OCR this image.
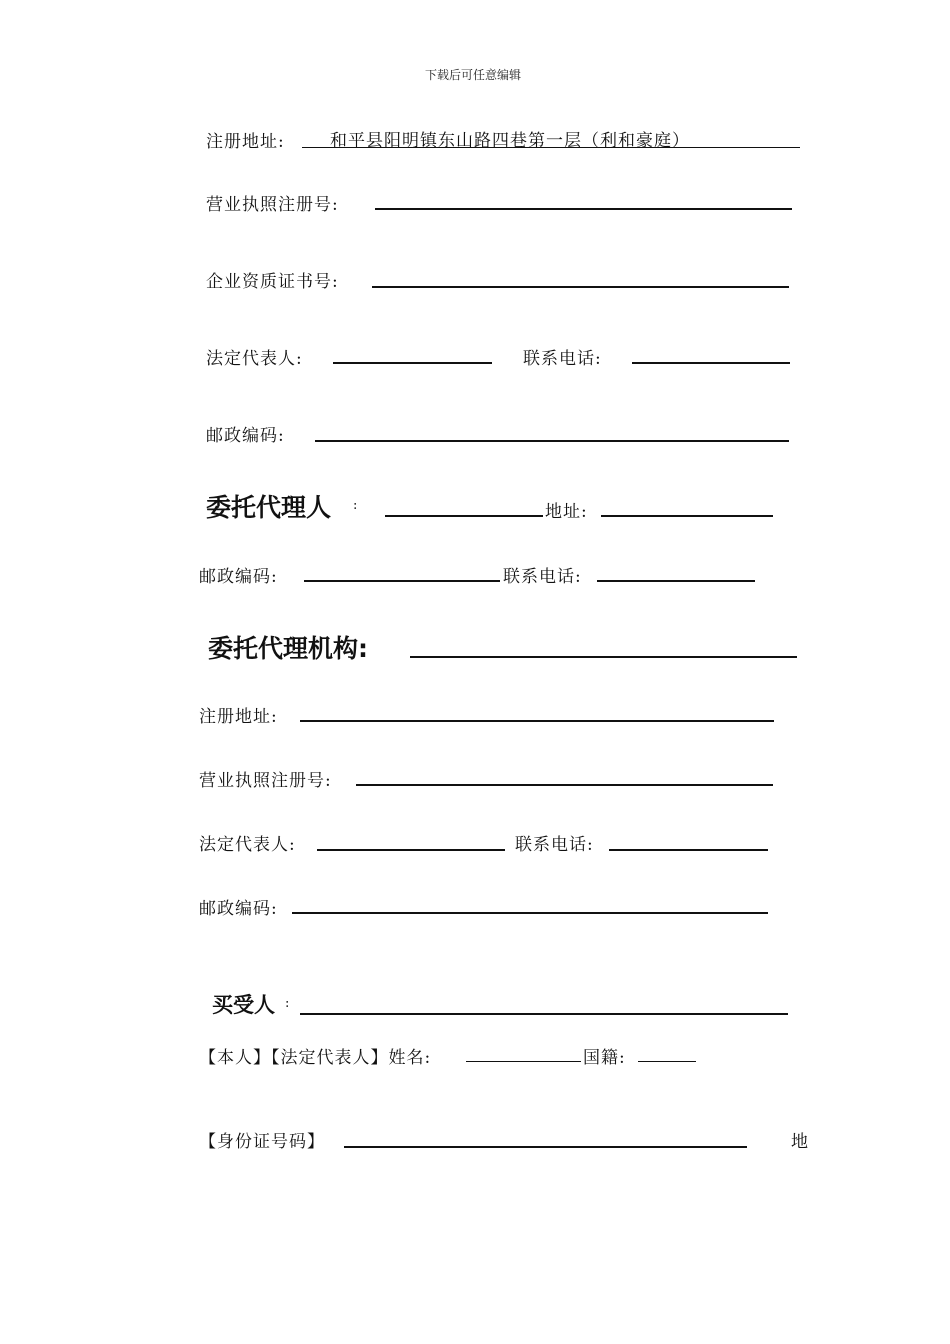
下载后可任意编辑
注册地址:	和平县阳明镇东山路四巷第一层（利和豪庭）
营业执照注册号:
企业资质证书号:
法定代表人:	联系电话:
邮政编码:
委托代理人 :	地址:
邮政编码:	联系电话:
委托代理机构:
注册地址:
营业执照注册号:
法定代表人:	联系电话:
邮政编码:
买受人 :
【本人】【法定代表人】姓名:	国籍:
【身份证号码】	地
